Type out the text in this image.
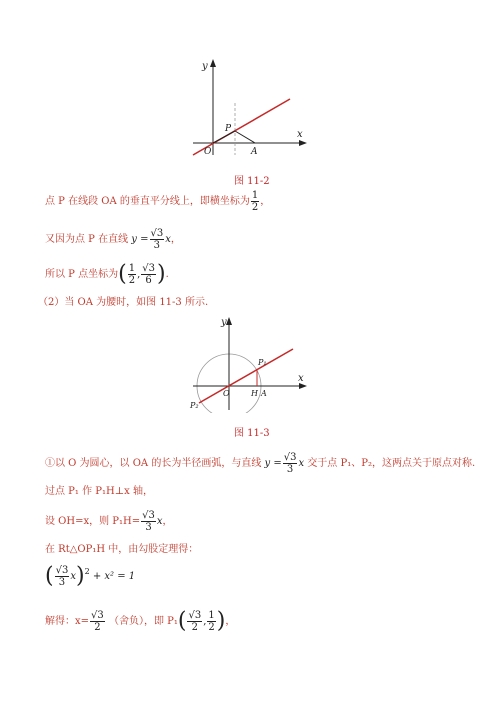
y
x
O
P
A
图 11-2
点 P 在线段 OA 的垂直平分线上，即横坐标为 $\frac{1}{2}$ ，
又因为点 P 在直线 $y = \frac{√3}{3}$ x，
所以 P 点坐标为( $\frac{1}{2}$ , $\frac{√3}{6}$ ).
（2）当 OA 为腰时，如图 11-3 所示.
y
x
O
P₁
P₂
H A
图 11-3
①以 O 为圆心，以 OA 的长为半径画弧，与直线 $y = \frac{√3}{3}$ x 交于点 P₁、P₂，这两点关于原点对称.
过点 P₁ 作 P₁H⊥x 轴，
设 OH=x，则 $P_1H= \frac{√3}{3}$ x，
在 Rt△OP₁H 中，由勾股定理得：
( $\frac{√3}{3} x)^2 + x^2 = 1$
解得：$x= \frac{√3}{2}$ （舍负），即 $P_1( \frac{√3}{2}$ , $\frac{1}{2}$ )，
